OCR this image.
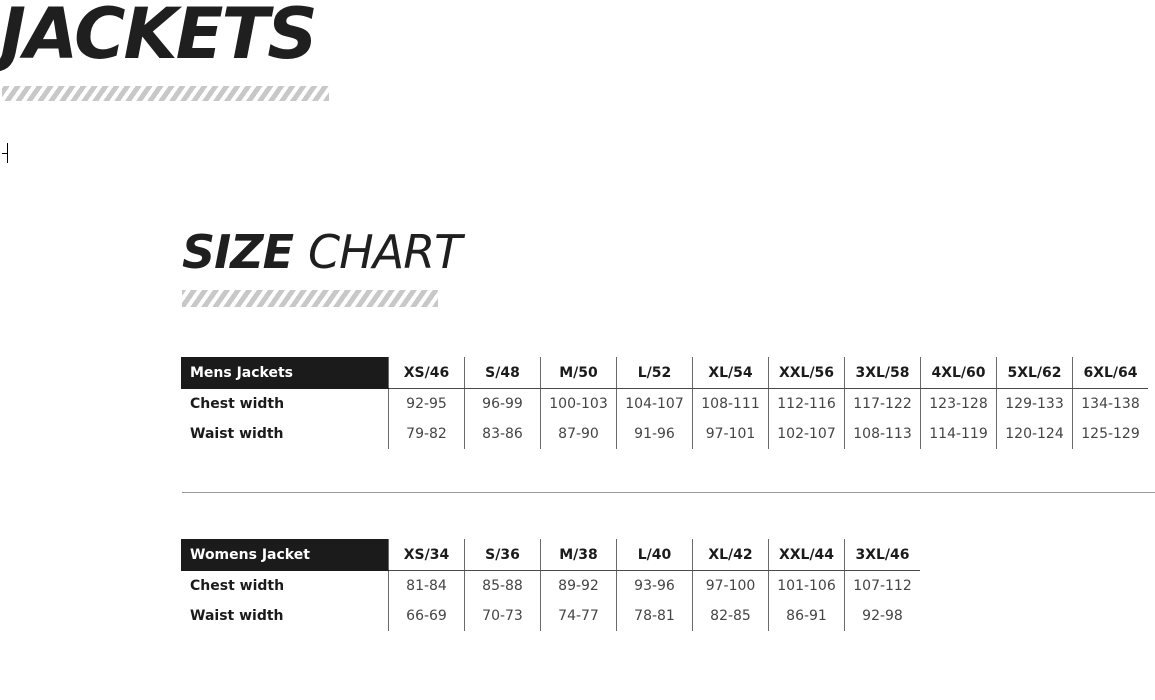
JACKETS
SIZE CHART
Mens Jackets	XS/46	S/48	M/50	L/52	XL/54	XXL/56	3XL/58	4XL/60	5XL/62	6XL/64
Chest width	92-95	96-99	100-103	104-107	108-111	112-116	117-122	123-128	129-133	134-138
Waist width	79-82	83-86	87-90	91-96	97-101	102-107	108-113	114-119	120-124	125-129
Womens Jacket	XS/34	S/36	M/38	L/40	XL/42	XXL/44	3XL/46
Chest width	81-84	85-88	89-92	93-96	97-100	101-106	107-112
Waist width	66-69	70-73	74-77	78-81	82-85	86-91	92-98
